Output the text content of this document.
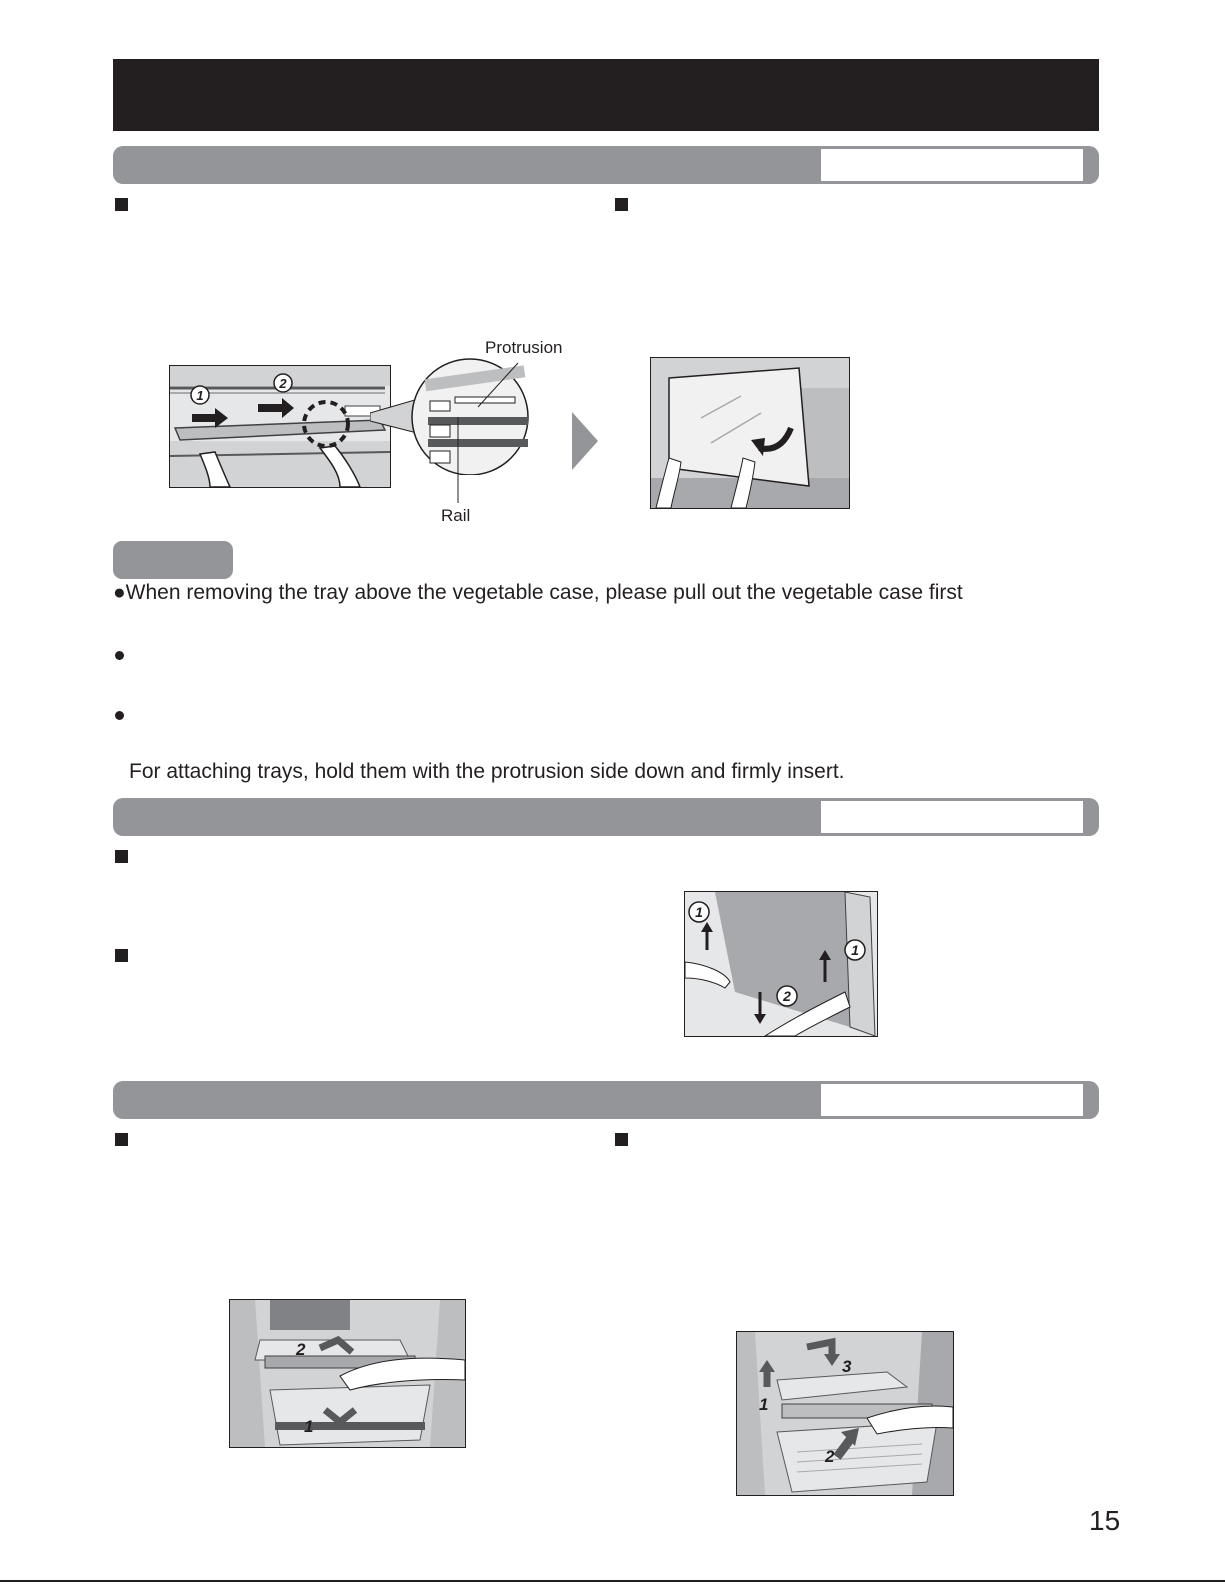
1
2
Protrusion
Rail
●When removing the tray above the vegetable case, please pull out the vegetable case first
For attaching trays, hold them with the protrusion side down and firmly insert.
1
1
2
2
1
1
2
3
15
